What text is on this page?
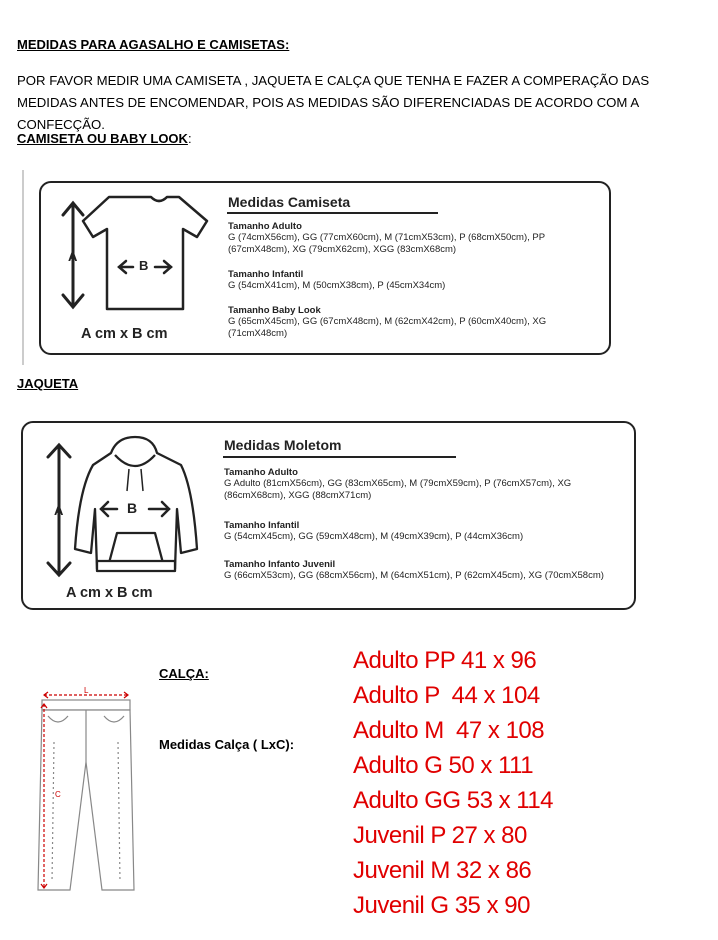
MEDIDAS PARA AGASALHO E CAMISETAS:
POR FAVOR MEDIR UMA CAMISETA , JAQUETA E CALÇA QUE TENHA E FAZER A COMPERAÇÃO DAS MEDIDAS ANTES DE ENCOMENDAR, POIS AS MEDIDAS SÃO DIFERENCIADAS DE ACORDO COM A CONFECÇÃO.
CAMISETA OU BABY LOOK:
A
B
A cm x B cm
Medidas Camiseta
Tamanho Adulto
G (74cmX56cm), GG (77cmX60cm), M (71cmX53cm), P (68cmX50cm), PP (67cmX48cm), XG (79cmX62cm), XGG (83cmX68cm)
Tamanho Infantil
G (54cmX41cm), M (50cmX38cm), P (45cmX34cm)
Tamanho Baby Look
G (65cmX45cm), GG (67cmX48cm), M (62cmX42cm), P (60cmX40cm), XG (71cmX48cm)
JAQUETA
A	B
A cm x B cm
Medidas Moletom
Tamanho Adulto
G Adulto (81cmX56cm), GG (83cmX65cm), M (79cmX59cm), P (76cmX57cm), XG (86cmX68cm), XGG (88cmX71cm)
Tamanho Infantil
G (54cmX45cm), GG (59cmX48cm), M (49cmX39cm), P (44cmX36cm)
Tamanho Infanto Juvenil
G (66cmX53cm), GG (68cmX56cm), M (64cmX51cm), P (62cmX45cm), XG (70cmX58cm)
L
C
CALÇA:
Medidas Calça ( LxC):
Adulto PP 41 x 96
Adulto P  44 x 104
Adulto M  47 x 108
Adulto G 50 x 111
Adulto GG 53 x 114
Juvenil P 27 x 80
Juvenil M 32 x 86
Juvenil G 35 x 90
